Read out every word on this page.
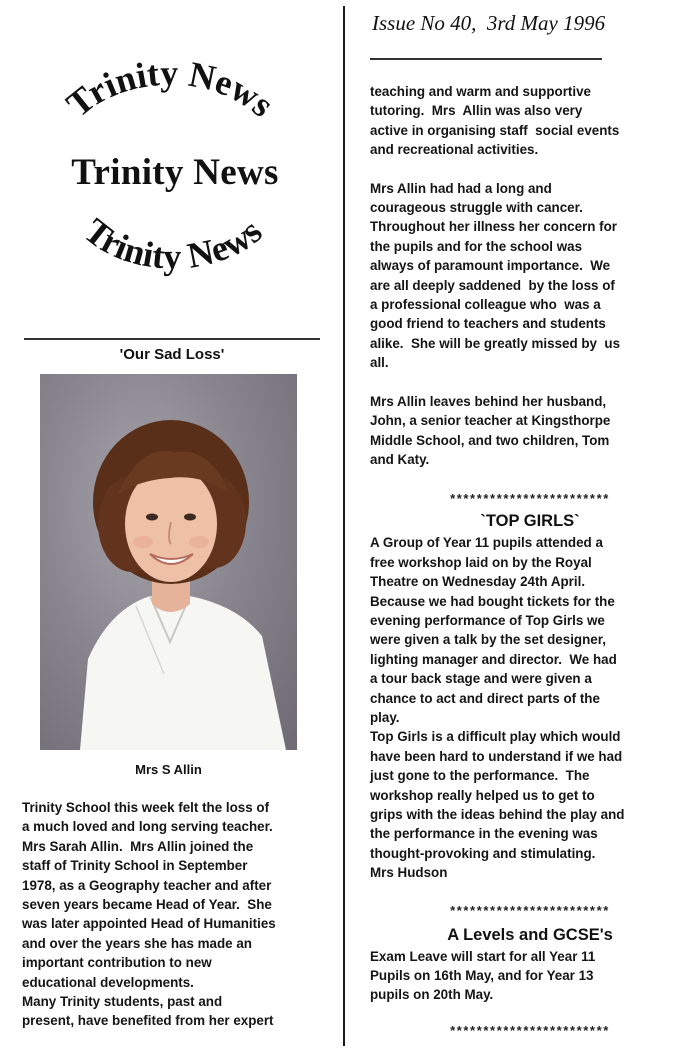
Trinity News
Trinity News
Trinity News
Issue No 40,  3rd May 1996
'Our Sad Loss'
Mrs S Allin

Trinity School this week felt the loss of

a much loved and long serving teacher.

Mrs Sarah Allin.  Mrs Allin joined the

staff of Trinity School in September

1978, as a Geography teacher and after

seven years became Head of Year.  She

was later appointed Head of Humanities

and over the years she has made an

important contribution to new

educational developments.

Many Trinity students, past and

present, have benefited from her expert

teaching and warm and supportive

tutoring.  Mrs  Allin was also very

active in organising staff  social events

and recreational activities.

Mrs Allin had had a long and

courageous struggle with cancer.

Throughout her illness her concern for

the pupils and for the school was

always of paramount importance.  We

are all deeply saddened  by the loss of

a professional colleague who  was a

good friend to teachers and students

alike.  She will be greatly missed by  us

all.

Mrs Allin leaves behind her husband,

John, a senior teacher at Kingsthorpe

Middle School, and two children, Tom

and Katy.

************************
`TOP GIRLS`

A Group of Year 11 pupils attended a

free workshop laid on by the Royal

Theatre on Wednesday 24th April.

Because we had bought tickets for the

evening performance of Top Girls we

were given a talk by the set designer,

lighting manager and director.  We had

a tour back stage and were given a

chance to act and direct parts of the

play.

Top Girls is a difficult play which would

have been hard to understand if we had

just gone to the performance.  The

workshop really helped us to get to

grips with the ideas behind the play and

the performance in the evening was

thought-provoking and stimulating.

Mrs Hudson

************************
A Levels and GCSE's

Exam Leave will start for all Year 11

Pupils on 16th May, and for Year 13

pupils on 20th May.

************************
